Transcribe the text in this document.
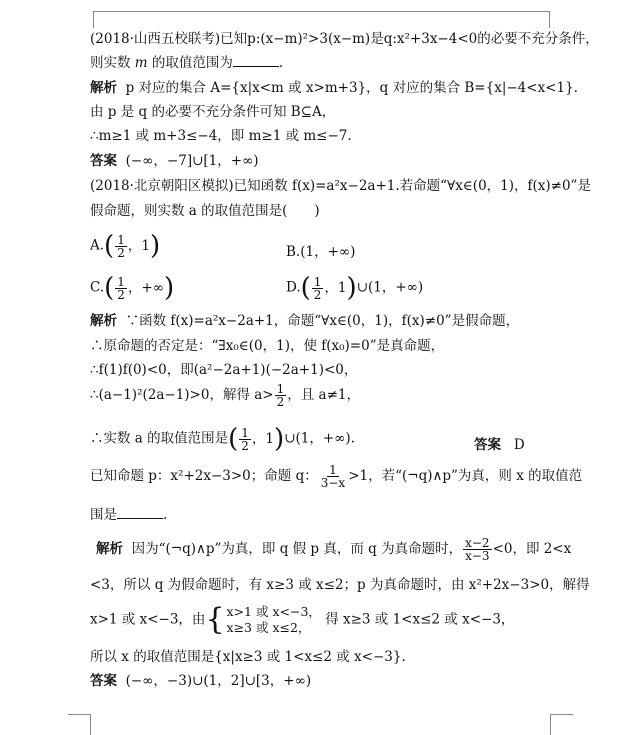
(2018·山西五校联考)已知p:(x−m)²>3(x−m)是q:x²+3x−4<0的必要不充分条件，
则实数 m 的取值范围为	.
解析 p 对应的集合 A={x|x<m 或 x>m+3}，q 对应的集合 B={x|−4<x<1}.
由 p 是 q 的必要不充分条件可知 B⊆A，
∴m≥1 或 m+3≤−4，即 m≥1 或 m≤−7.
答案 (−∞，−7]∪[1，+∞)
(2018·北京朝阳区模拟)已知函数 f(x)=a²x−2a+1.若命题“∀x∈(0，1)，f(x)≠0”是
假命题，则实数 a 的取值范围是(　　)
A. ( $\frac{1}{2}$ ，1 )	B.(1，+∞)
C. ( $\frac{1}{2}$ ，+∞ )	D. ( $\frac{1}{2}$ ，1 ) ∪(1，+∞)
解析 ∵函数 f(x)=a²x−2a+1，命题“∀x∈(0，1)，f(x)≠0”是假命题，
∴原命题的否定是：“∃x₀∈(0，1)，使 f(x₀)=0”是真命题，
∴f(1)f(0)<0，即(a²−2a+1)(−2a+1)<0，
∴(a−1)²(2a−1)>0，解得 $a> \frac{1}{2}$ ，且 a≠1，
∴实数 a 的取值范围是 ( $\frac{1}{2}$ ，1 ) ∪(1，+∞).	答案 D
已知命题 p：x²+2x−3>0；命题 q： $\frac{1}{3-x} >1$，若“(¬q)∧p”为真，则 x 的取值范
围是	.
解析 因为“(¬q)∧p”为真，即 q 假 p 真，而 q 为真命题时， $\frac{x-2}{x-3} <0$，即 2<x
<3，所以 q 为假命题时，有 x≥3 或 x≤2；p 为真命题时，由 x²+2x−3>0，解得
x>1 或 x<−3，由 { x>1 或 x<−3，
x≥3 或 x≤2，	得 x≥3 或 1<x≤2 或 x<−3，
所以 x 的取值范围是{x|x≥3 或 1<x≤2 或 x<−3}.
答案 (−∞，−3)∪(1，2]∪[3，+∞)
